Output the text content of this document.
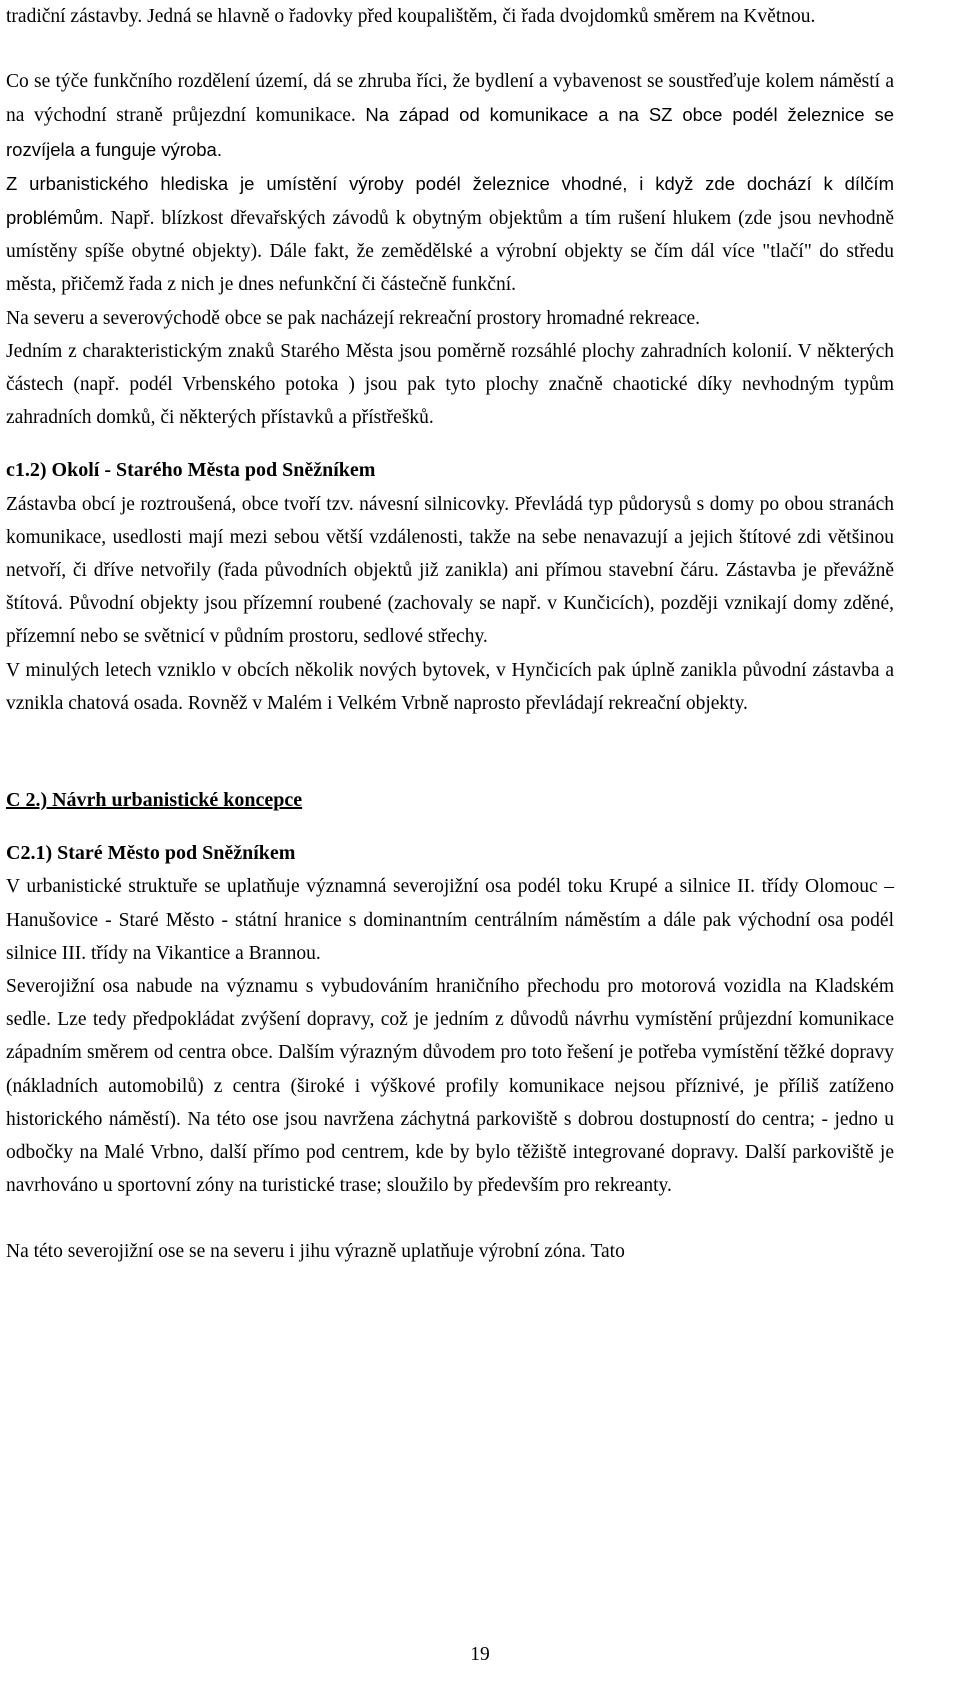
tradiční zástavby. Jedná se hlavně o řadovky před koupalištěm, či řada dvojdomků směrem na Květnou.

Co se týče funkčního rozdělení území, dá se zhruba říci, že bydlení a vybavenost se soustřeďuje kolem náměstí a na východní straně průjezdní komunikace. Na západ od komunikace a na SZ obce podél železnice se rozvíjela a funguje výroba.

Z urbanistického hlediska je umístění výroby podél železnice vhodné, i když zde dochází k dílčím problémům. Např. blízkost dřevařských závodů k obytným objektům a tím rušení hlukem (zde jsou nevhodně umístěny spíše obytné objekty). Dále fakt, že zemědělské a výrobní objekty se čím dál více "tlačí" do středu města, přičemž řada z nich je dnes nefunkční či částečně funkční.

Na severu a severovýchodě obce se pak nacházejí rekreační prostory hromadné rekreace.

Jedním z charakteristickým znaků Starého Města jsou poměrně rozsáhlé plochy zahradních kolonií. V některých částech (např. podél Vrbenského potoka ) jsou pak tyto plochy značně chaotické díky nevhodným typům zahradních domků, či některých přístavků a přístřešků.

c1.2) Okolí - Starého Města pod Sněžníkem

Zástavba obcí je roztroušená, obce tvoří tzv. návesní silnicovky. Převládá typ půdorysů s domy po obou stranách komunikace, usedlosti mají mezi sebou větší vzdálenosti, takže na sebe nenavazují a jejich štítové zdi většinou netvoří, či dříve netvořily (řada původních objektů již zanikla) ani přímou stavební čáru. Zástavba je převážně štítová. Původní objekty jsou přízemní roubené (zachovaly se např. v Kunčicích), později vznikají domy zděné, přízemní nebo se světnicí v půdním prostoru, sedlové střechy.

V minulých letech vzniklo v obcích několik nových bytovek, v Hynčicích pak úplně zanikla původní zástavba a vznikla chatová osada. Rovněž v Malém i Velkém Vrbně naprosto převládají rekreační objekty.

C 2.) Návrh urbanistické koncepce
C2.1) Staré Město pod Sněžníkem

V urbanistické struktuře se uplatňuje významná severojižní osa podél toku Krupé a silnice II. třídy Olomouc – Hanušovice - Staré Město - státní hranice s dominantním centrálním náměstím a dále pak východní osa podél silnice III. třídy na Vikantice a Brannou.

Severojižní osa nabude na významu s vybudováním hraničního přechodu pro motorová vozidla na Kladském sedle. Lze tedy předpokládat zvýšení dopravy, což je jedním z důvodů návrhu vymístění průjezdní komunikace západním směrem od centra obce. Dalším výrazným důvodem pro toto řešení je potřeba vymístění těžké dopravy (nákladních automobilů) z centra (široké i výškové profily komunikace nejsou příznivé, je příliš zatíženo historického náměstí). Na této ose jsou navržena záchytná parkoviště s dobrou dostupností do centra; - jedno u odbočky na Malé Vrbno, další přímo pod centrem, kde by bylo těžiště integrované dopravy. Další parkoviště je navrhováno u sportovní zóny na turistické trase; sloužilo by především pro rekreanty.

Na této severojižní ose se na severu i jihu výrazně uplatňuje výrobní zóna. Tato

19
